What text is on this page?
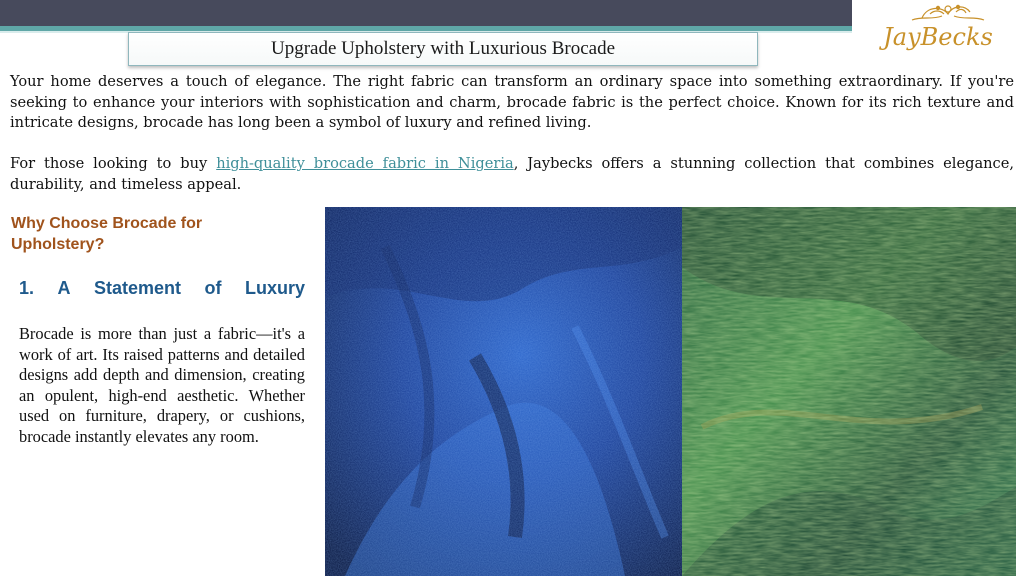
JayBecks
Upgrade Upholstery with Luxurious Brocade

Your home deserves a touch of elegance. The right fabric can transform an ordinary space into something extraordinary. If you're seeking to enhance your interiors with sophistication and charm, brocade fabric is the perfect choice. Known for its rich texture and intricate designs, brocade has long been a symbol of luxury and refined living.

For those looking to buy high-quality brocade fabric in Nigeria, Jaybecks offers a stunning collection that combines elegance, durability, and timeless appeal.

Why Choose Brocade for Upholstery?
1. A Statement of Luxury

Brocade is more than just a fabric—it's a work of art. Its raised patterns and detailed designs add depth and dimension, creating an opulent, high-end aesthetic. Whether used on furniture, drapery, or cushions, brocade instantly elevates any room.
